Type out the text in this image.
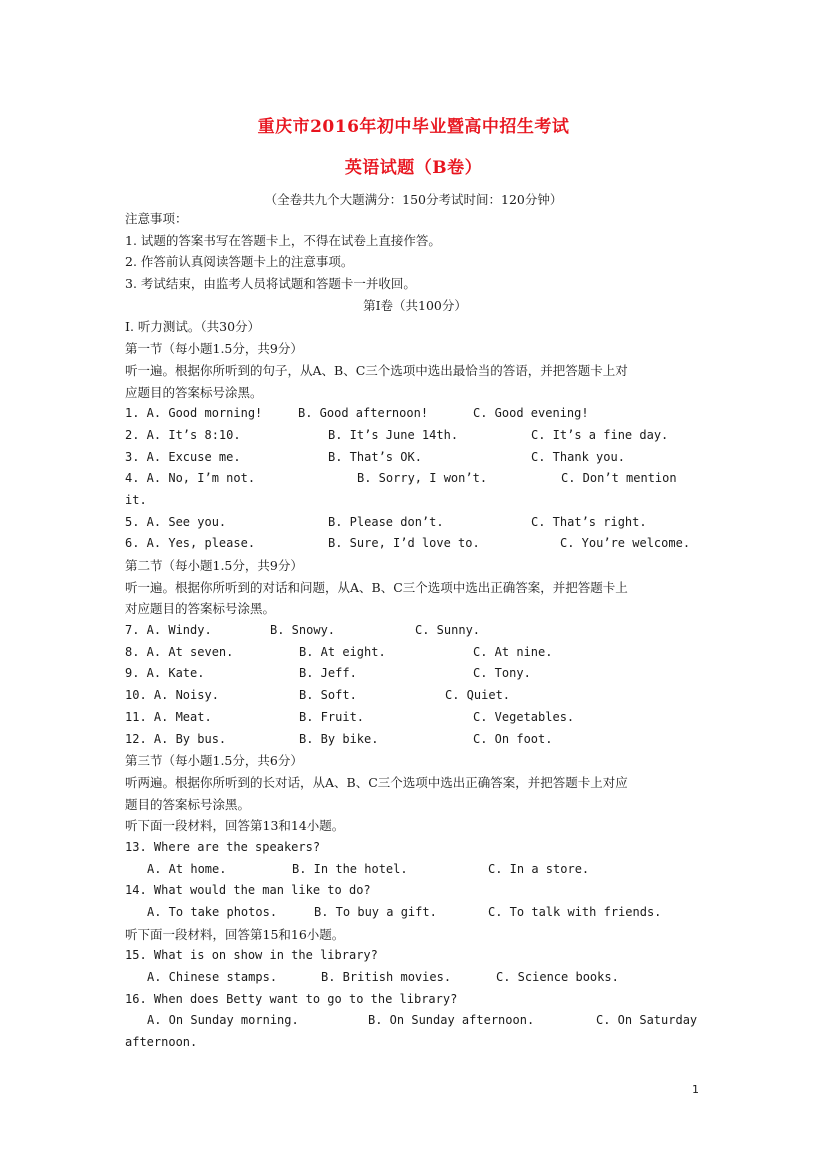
重庆市2016年初中毕业暨高中招生考试
英语试题（B卷）
（全卷共九个大题满分：150分考试时间：120分钟）
注意事项：
1. 试题的答案书写在答题卡上，不得在试卷上直接作答。
2. 作答前认真阅读答题卡上的注意事项。
3. 考试结束，由监考人员将试题和答题卡一并收回。
第Ⅰ卷（共100分）
Ⅰ. 听力测试。（共30分）
第一节（每小题1.5分，共9分）
听一遍。根据你所听到的句子，从A、B、C三个选项中选出最恰当的答语，并把答题卡上对
应题目的答案标号涂黑。
1. A. Good morning!	B. Good afternoon!	C. Good evening!
2. A. It’s 8:10.	B. It’s June 14th.	C. It’s a fine day.
3. A. Excuse me.	B. That’s OK.	C. Thank you.
4. A. No, I’m not.	B. Sorry, I won’t.	C. Don’t mention
it.
5. A. See you.	B. Please don’t.	C. That’s right.
6. A. Yes, please.	B. Sure, I’d love to.	C. You’re welcome.
第二节（每小题1.5分，共9分）
听一遍。根据你所听到的对话和问题，从A、B、C三个选项中选出正确答案，并把答题卡上
对应题目的答案标号涂黑。
7. A. Windy.	B. Snowy.	C. Sunny.
8. A. At seven.	B. At eight.	C. At nine.
9. A. Kate.	B. Jeff.	C. Tony.
10. A. Noisy.	B. Soft.	C. Quiet.
11. A. Meat.	B. Fruit.	C. Vegetables.
12. A. By bus.	B. By bike.	C. On foot.
第三节（每小题1.5分，共6分）
听两遍。根据你所听到的长对话，从A、B、C三个选项中选出正确答案，并把答题卡上对应
题目的答案标号涂黑。
听下面一段材料，回答第13和14小题。
13. Where are the speakers?
A. At home.	B. In the hotel.	C. In a store.
14. What would the man like to do?
A. To take photos.	B. To buy a gift.	C. To talk with friends.
听下面一段材料，回答第15和16小题。
15. What is on show in the library?
A. Chinese stamps.	B. British movies.	C. Science books.
16. When does Betty want to go to the library?
A. On Sunday morning.	B. On Sunday afternoon.	C. On Saturday
afternoon.
1
